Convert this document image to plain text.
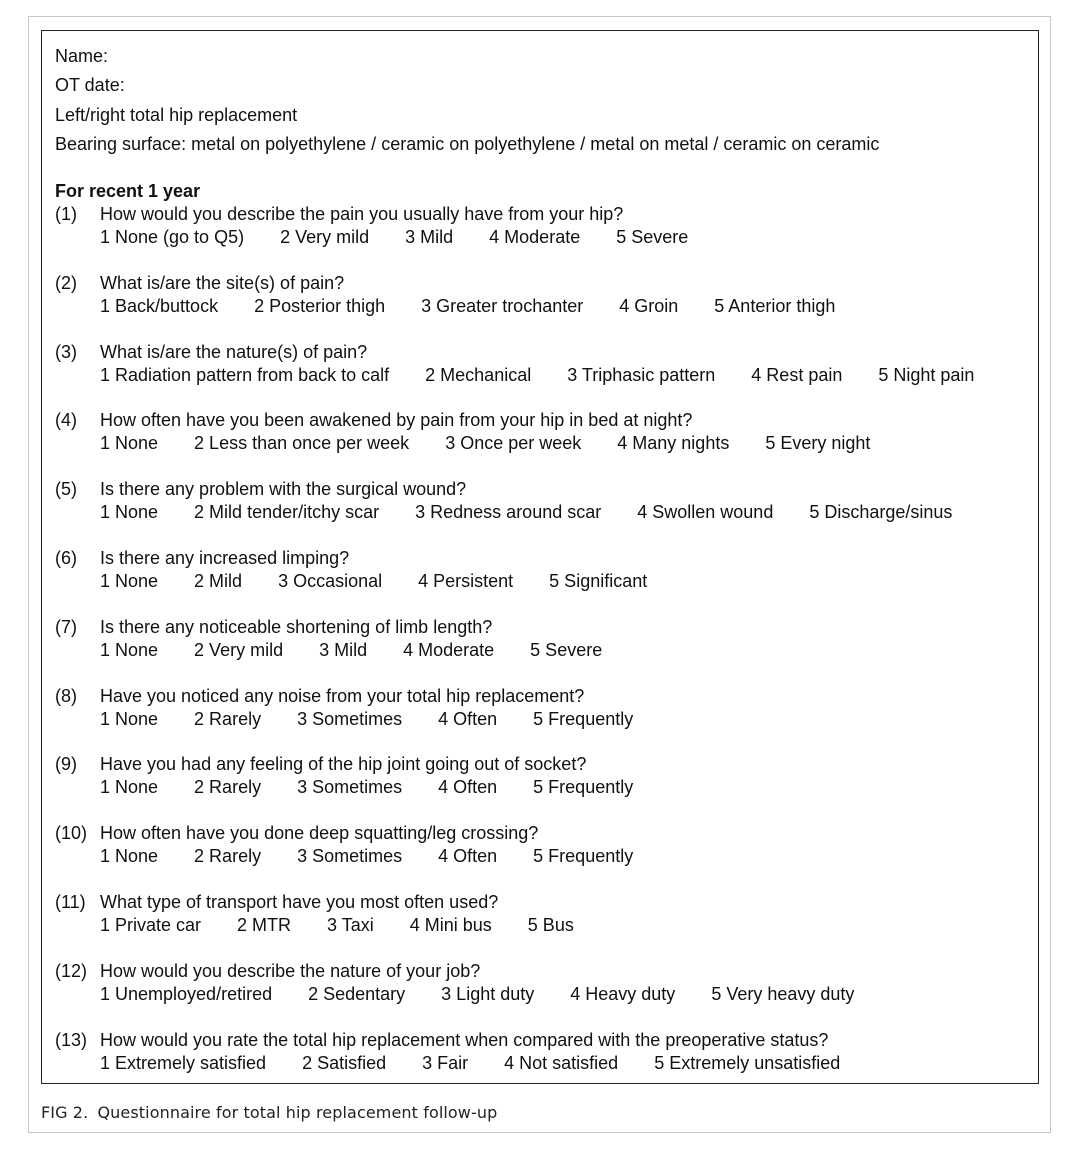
Name:
OT date:
Left/right total hip replacement
Bearing surface: metal on polyethylene / ceramic on polyethylene / metal on metal / ceramic on ceramic
For recent 1 year
(1) How would you describe the pain you usually have from your hip?
1 None (go to Q5) 2 Very mild 3 Mild 4 Moderate 5 Severe
(2) What is/are the site(s) of pain?
1 Back/buttock 2 Posterior thigh 3 Greater trochanter 4 Groin 5 Anterior thigh
(3) What is/are the nature(s) of pain?
1 Radiation pattern from back to calf 2 Mechanical 3 Triphasic pattern 4 Rest pain 5 Night pain
(4) How often have you been awakened by pain from your hip in bed at night?
1 None 2 Less than once per week 3 Once per week 4 Many nights 5 Every night
(5) Is there any problem with the surgical wound?
1 None 2 Mild tender/itchy scar 3 Redness around scar 4 Swollen wound 5 Discharge/sinus
(6) Is there any increased limping?
1 None 2 Mild 3 Occasional 4 Persistent 5 Significant
(7) Is there any noticeable shortening of limb length?
1 None 2 Very mild 3 Mild 4 Moderate 5 Severe
(8) Have you noticed any noise from your total hip replacement?
1 None 2 Rarely 3 Sometimes 4 Often 5 Frequently
(9) Have you had any feeling of the hip joint going out of socket?
1 None 2 Rarely 3 Sometimes 4 Often 5 Frequently
(10) How often have you done deep squatting/leg crossing?
1 None 2 Rarely 3 Sometimes 4 Often 5 Frequently
(11) What type of transport have you most often used?
1 Private car 2 MTR 3 Taxi 4 Mini bus 5 Bus
(12) How would you describe the nature of your job?
1 Unemployed/retired 2 Sedentary 3 Light duty 4 Heavy duty 5 Very heavy duty
(13) How would you rate the total hip replacement when compared with the preoperative status?
1 Extremely satisfied 2 Satisfied 3 Fair 4 Not satisfied 5 Extremely unsatisfied
FIG 2. Questionnaire for total hip replacement follow-up
